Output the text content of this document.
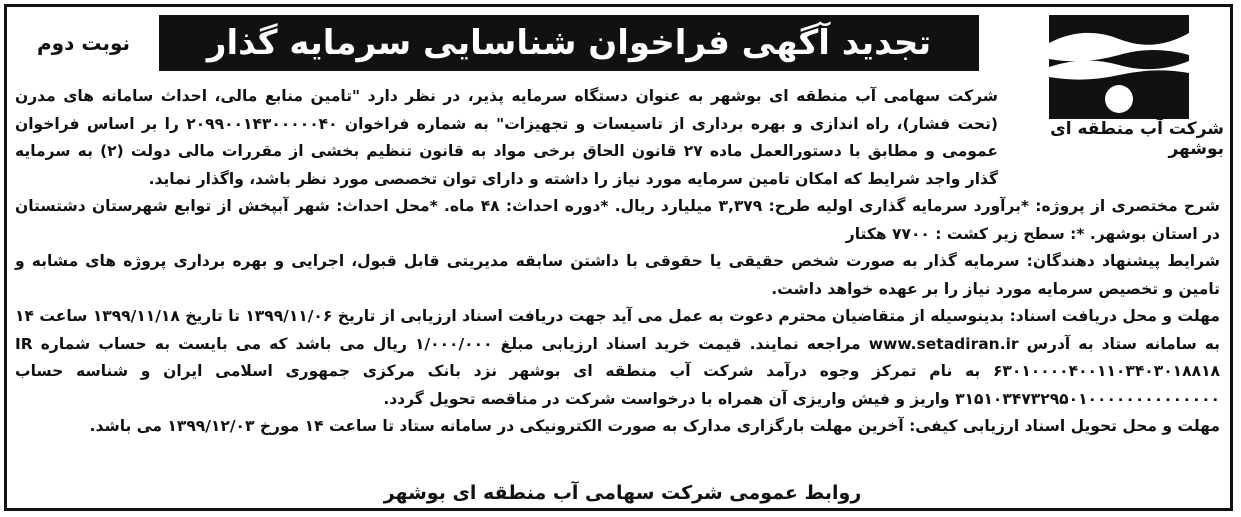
شرکت آب منطقه ای بوشهر
تجدید آگهی فراخوان شناسایی سرمایه گذار
نوبت دوم

شرکت سهامی آب منطقه ای بوشهر به عنوان دستگاه سرمایه پذیر، در نظر دارد "تامین منابع مالی، احداث سامانه های مدرن (تحت فشار)، راه اندازی و بهره برداری از تاسیسات و تجهیزات" به شماره فراخوان ۲۰۹۹۰۰۱۴۳۰۰۰۰۰۴۰ را بر اساس فراخوان عمومی و مطابق با دستورالعمل ماده ۲۷ قانون الحاق برخی مواد به قانون تنظیم بخشی از مقررات مالی دولت (۲) به سرمایه گذار واجد شرایط که امکان تامین سرمایه مورد نیاز را داشته و دارای توان تخصصی مورد نظر باشد، واگذار نماید.

شرح مختصری از پروژه: *برآورد سرمایه گذاری اولیه طرح: ۳,۳۷۹ میلیارد ریال. *دوره احداث: ۴۸ ماه. *محل احداث: شهر آبپخش از توابع شهرستان دشتستان در استان بوشهر. *: سطح زیر کشت : ۷۷۰۰ هکتار

شرایط پیشنهاد دهندگان: سرمایه گذار به صورت شخص حقیقی یا حقوقی با داشتن سابقه مدیریتی قابل قبول، اجرایی و بهره برداری پروژه های مشابه و تامین و تخصیص سرمایه مورد نیاز را بر عهده خواهد داشت.

مهلت و محل دریافت اسناد: بدینوسیله از متقاضیان محترم دعوت به عمل می آید جهت دریافت اسناد ارزیابی از تاریخ ۱۳۹۹/۱۱/۰۶ تا تاریخ ۱۳۹۹/۱۱/۱۸ ساعت ۱۴ به سامانه ستاد به آدرس www.setadiran.ir مراجعه نمایند. قیمت خرید اسناد ارزیابی مبلغ ۱/۰۰۰/۰۰۰ ریال می باشد که می بایست به حساب شماره IR ۶۳۰۱۰۰۰۰۴۰۰۱۱۰۳۴۰۳۰۱۸۸۱۸ به نام تمرکز وجوه درآمد شرکت آب منطقه ای بوشهر نزد بانک مرکزی جمهوری اسلامی ایران و شناسه حساب ۳۱۵۱۰۳۴۷۳۲۹۵۰۱۰۰۰۰۰۰۰۰۰۰۰۰۰۰ واریز و فیش واریزی آن همراه با درخواست شرکت در مناقصه تحویل گردد.

مهلت و محل تحویل اسناد ارزیابی کیفی: آخرین مهلت بارگزاری مدارک به صورت الکترونیکی در سامانه ستاد تا ساعت ۱۴ مورخ ۱۳۹۹/۱۲/۰۳ می باشد.

روابط عمومی شرکت سهامی آب منطقه ای بوشهر
